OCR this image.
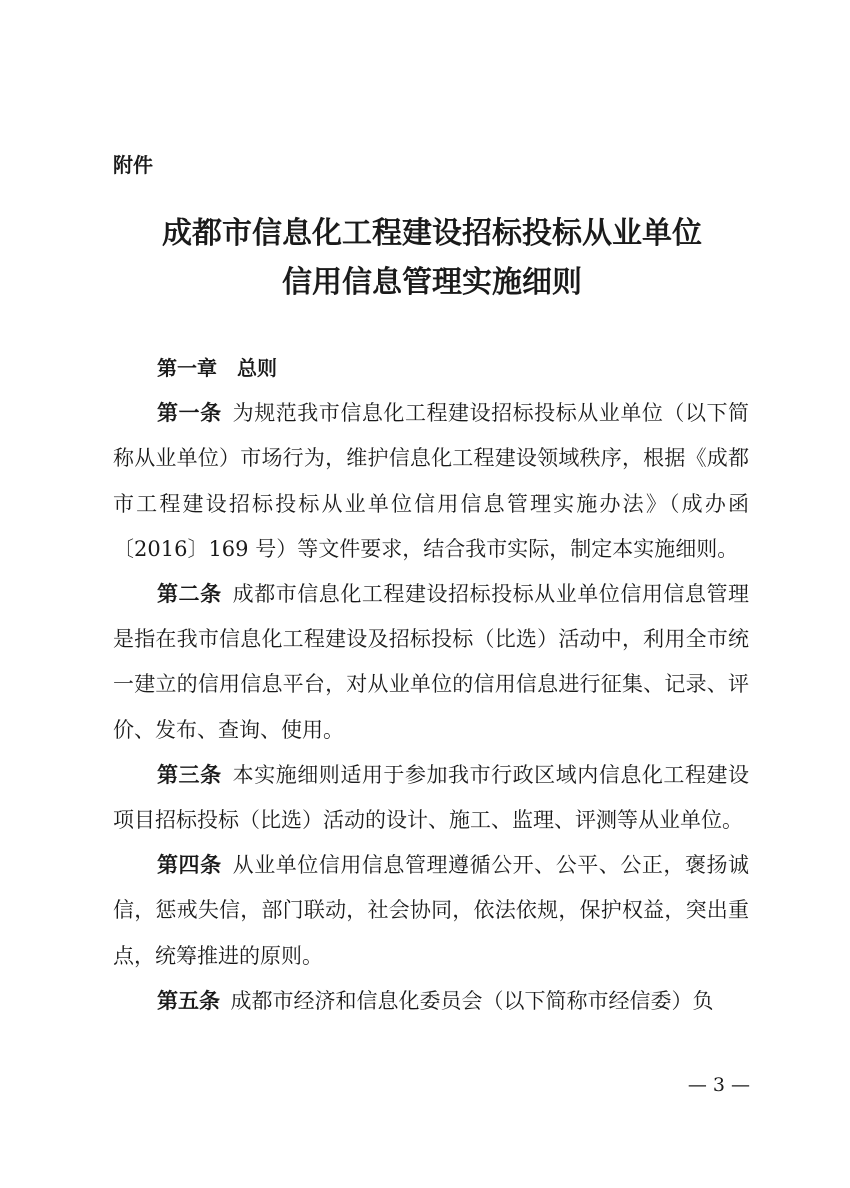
附件
成都市信息化工程建设招标投标从业单位
信用信息管理实施细则
第一章　总则

第一条  为规范我市信息化工程建设招标投标从业单位（以下简称从业单位）市场行为，维护信息化工程建设领域秩序，根据《成都市工程建设招标投标从业单位信用信息管理实施办法》（成办函〔2016〕169 号）等文件要求，结合我市实际，制定本实施细则。

第二条  成都市信息化工程建设招标投标从业单位信用信息管理是指在我市信息化工程建设及招标投标（比选）活动中，利用全市统一建立的信用信息平台，对从业单位的信用信息进行征集、记录、评价、发布、查询、使用。

第三条  本实施细则适用于参加我市行政区域内信息化工程建设项目招标投标（比选）活动的设计、施工、监理、评测等从业单位。

第四条  从业单位信用信息管理遵循公开、公平、公正，褒扬诚信，惩戒失信，部门联动，社会协同，依法依规，保护权益，突出重点，统筹推进的原则。

第五条  成都市经济和信息化委员会（以下简称市经信委）负

— 3 —
